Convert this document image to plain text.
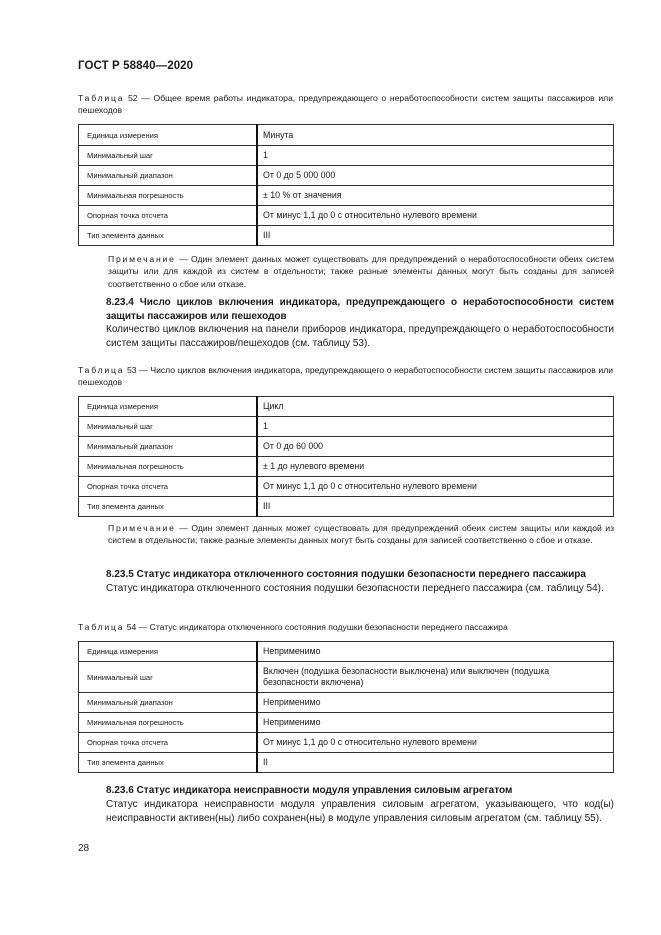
ГОСТ Р 58840—2020
Таблица 52 — Общее время работы индикатора, предупреждающего о неработоспособности систем защиты пассажиров или пешеходов
Единица измерения	Минута
Минимальный шаг	1
Минимальный диапазон	От 0 до 5 000 000
Минимальная погрешность	± 10 % от значения
Опорная точка отсчета	От минус 1,1 до 0 с относительно нулевого времени
Тип элемента данных	III
Примечание — Один элемент данных может существовать для предупреждений о неработоспособности обеих систем защиты или для каждой из систем в отдельности; также разные элементы данных могут быть созданы для записей соответственно о сбое или отказе.
8.23.4 Число циклов включения индикатора, предупреждающего о неработоспособности систем защиты пассажиров или пешеходов
Количество циклов включения на панели приборов индикатора, предупреждающего о неработоспособности систем защиты пассажиров/пешеходов (см. таблицу 53).
Таблица 53 — Число циклов включения индикатора, предупреждающего о неработоспособности систем защиты пассажиров или пешеходов
Единица измерения	Цикл
Минимальный шаг	1
Минимальный диапазон	От 0 до 60 000
Минимальная погрешность	± 1 до нулевого времени
Опорная точка отсчета	От минус 1,1 до 0 с относительно нулевого времени
Тип элемента данных	III
Примечание — Один элемент данных может существовать для предупреждений обеих систем защиты или каждой из систем в отдельности; также разные элементы данных могут быть созданы для записей соответственно о сбое и отказе.
8.23.5 Статус индикатора отключенного состояния подушки безопасности переднего пассажира
Статус индикатора отключенного состояния подушки безопасности переднего пассажира (см. таблицу 54).
Таблица 54 — Статус индикатора отключенного состояния подушки безопасности переднего пассажира
Единица измерения	Неприменимо
Минимальный шаг	Включен (подушка безопасности выключена) или выключен (подушка безопасности включена)
Минимальный диапазон	Неприменимо
Минимальная погрешность	Неприменимо
Опорная точка отсчета	От минус 1,1 до 0 с относительно нулевого времени
Тип элемента данных	II
8.23.6 Статус индикатора неисправности модуля управления силовым агрегатом
Статус индикатора неисправности модуля управления силовым агрегатом, указывающего, что код(ы) неисправности активен(ны) либо сохранен(ны) в модуле управления силовым агрегатом (см. таблицу 55).
28
